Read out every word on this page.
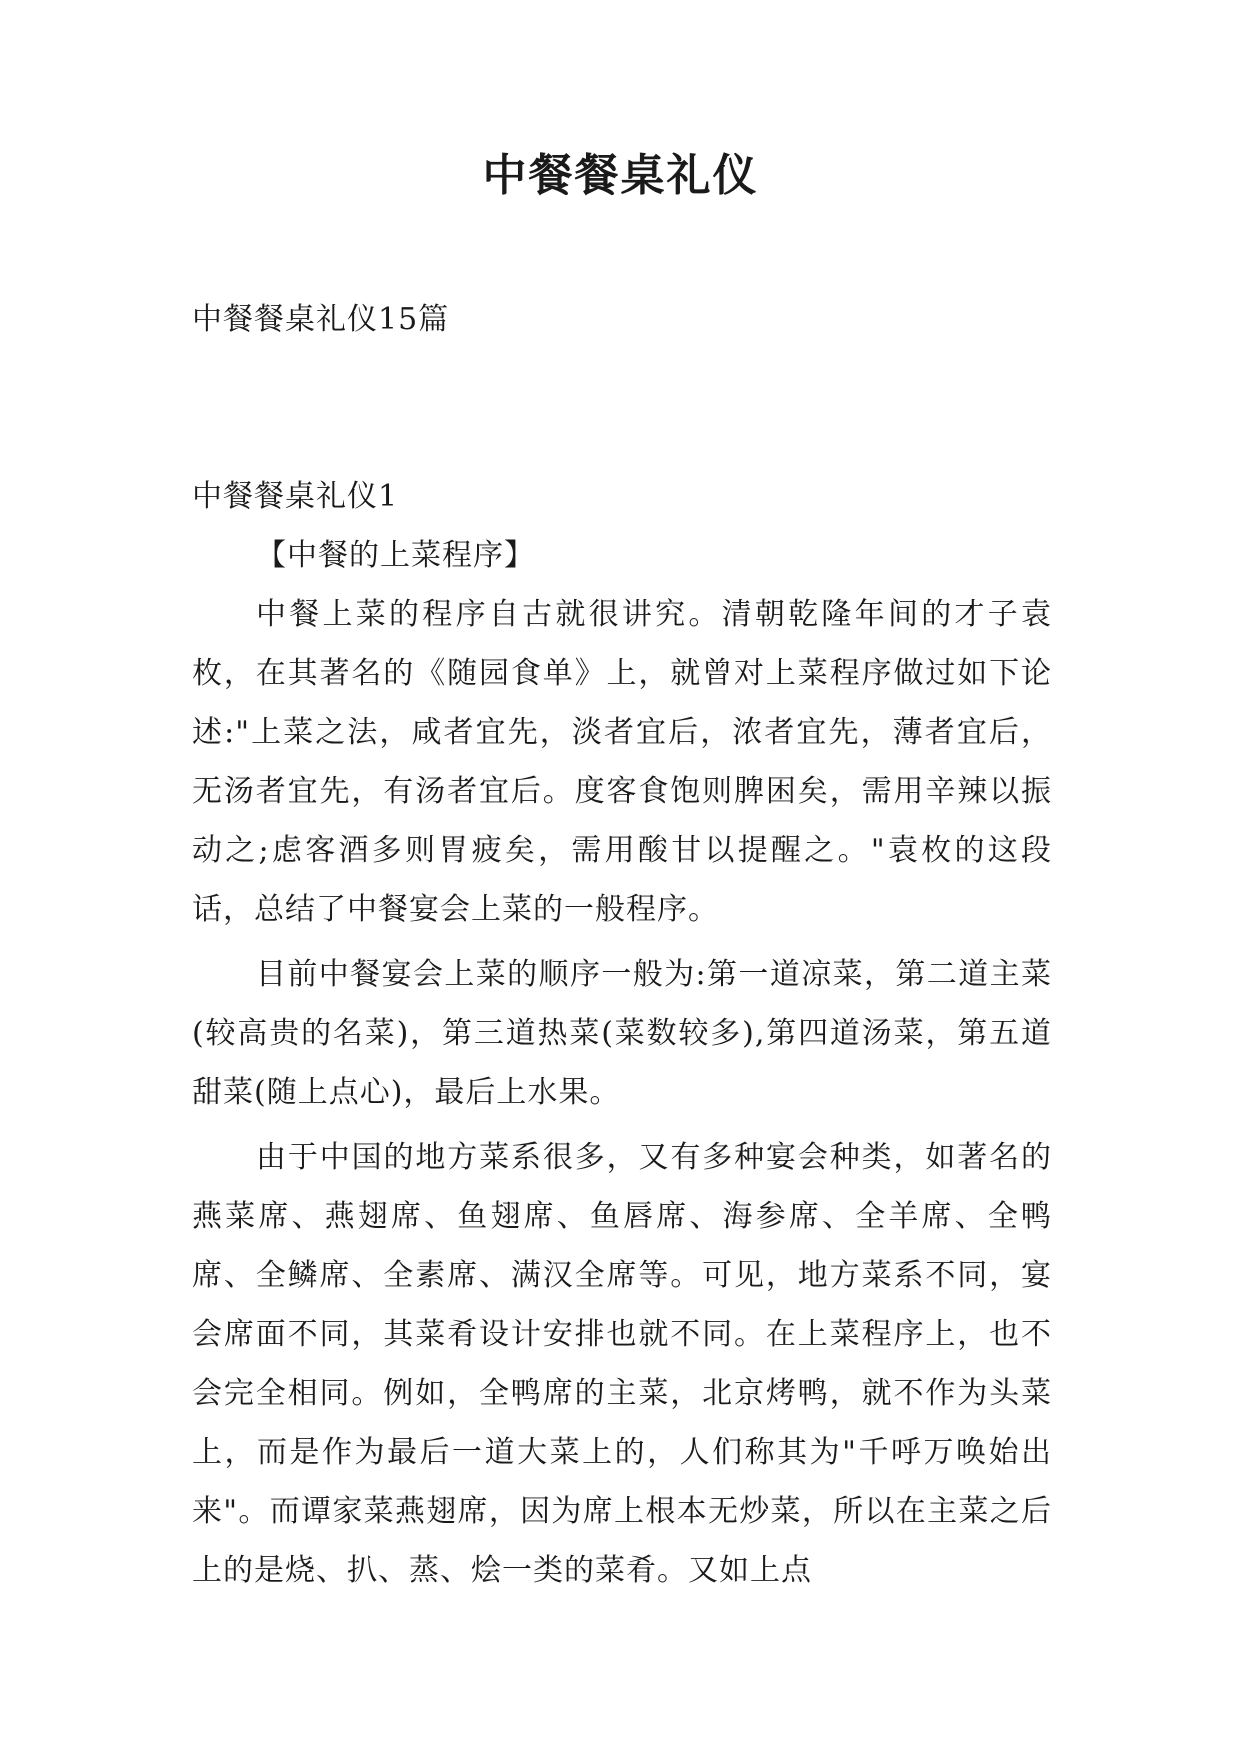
中餐餐桌礼仪

中餐餐桌礼仪15篇

中餐餐桌礼仪1

【中餐的上菜程序】

中餐上菜的程序自古就很讲究。清朝乾隆年间的才子袁枚，在其著名的《随园食单》上，就曾对上菜程序做过如下论述:"上菜之法，咸者宜先，淡者宜后，浓者宜先，薄者宜后，无汤者宜先，有汤者宜后。度客食饱则脾困矣，需用辛辣以振动之;虑客酒多则胃疲矣，需用酸甘以提醒之。"袁枚的这段话，总结了中餐宴会上菜的一般程序。

目前中餐宴会上菜的顺序一般为:第一道凉菜，第二道主菜(较高贵的名菜)，第三道热菜(菜数较多),第四道汤菜，第五道甜菜(随上点心)，最后上水果。

由于中国的地方菜系很多，又有多种宴会种类，如著名的燕菜席、燕翅席、鱼翅席、鱼唇席、海参席、全羊席、全鸭席、全鳞席、全素席、满汉全席等。可见，地方菜系不同，宴会席面不同，其菜肴设计安排也就不同。在上菜程序上，也不会完全相同。例如，全鸭席的主菜，北京烤鸭，就不作为头菜上，而是作为最后一道大菜上的，人们称其为"千呼万唤始出来"。而谭家菜燕翅席，因为席上根本无炒菜，所以在主菜之后上的是烧、扒、蒸、烩一类的菜肴。又如上点
